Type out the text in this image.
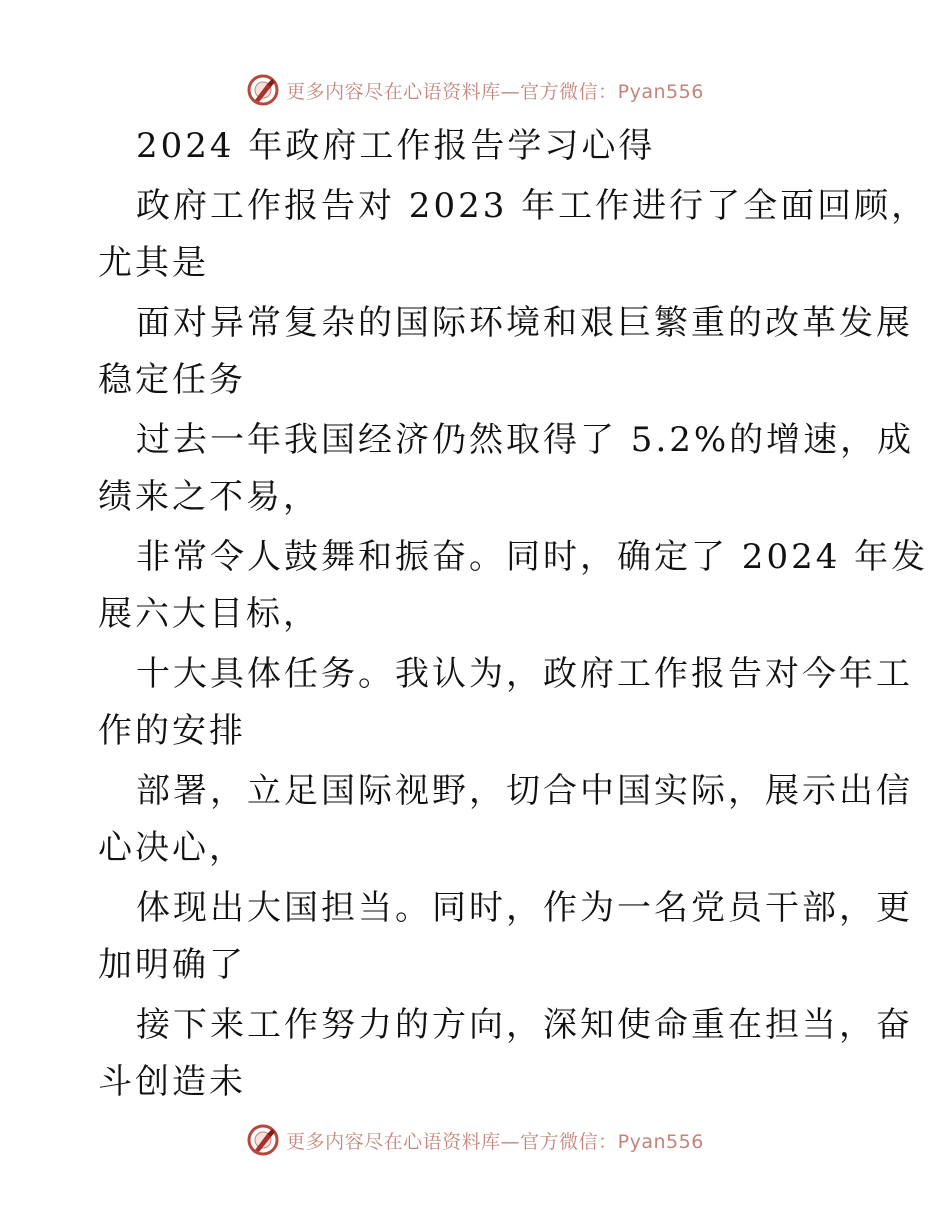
更多内容尽在心语资料库—官方微信：Pyan556
2024 年政府工作报告学习心得
政府工作报告对 2023 年工作进行了全面回顾，
尤其是
面对异常复杂的国际环境和艰巨繁重的改革发展
稳定任务
过去一年我国经济仍然取得了 5.2%的增速，成
绩来之不易，
非常令人鼓舞和振奋。同时，确定了 2024 年发
展六大目标，
十大具体任务。我认为，政府工作报告对今年工
作的安排
部署，立足国际视野，切合中国实际，展示出信
心决心，
体现出大国担当。同时，作为一名党员干部，更
加明确了
接下来工作努力的方向，深知使命重在担当，奋
斗创造未
更多内容尽在心语资料库—官方微信：Pyan556
